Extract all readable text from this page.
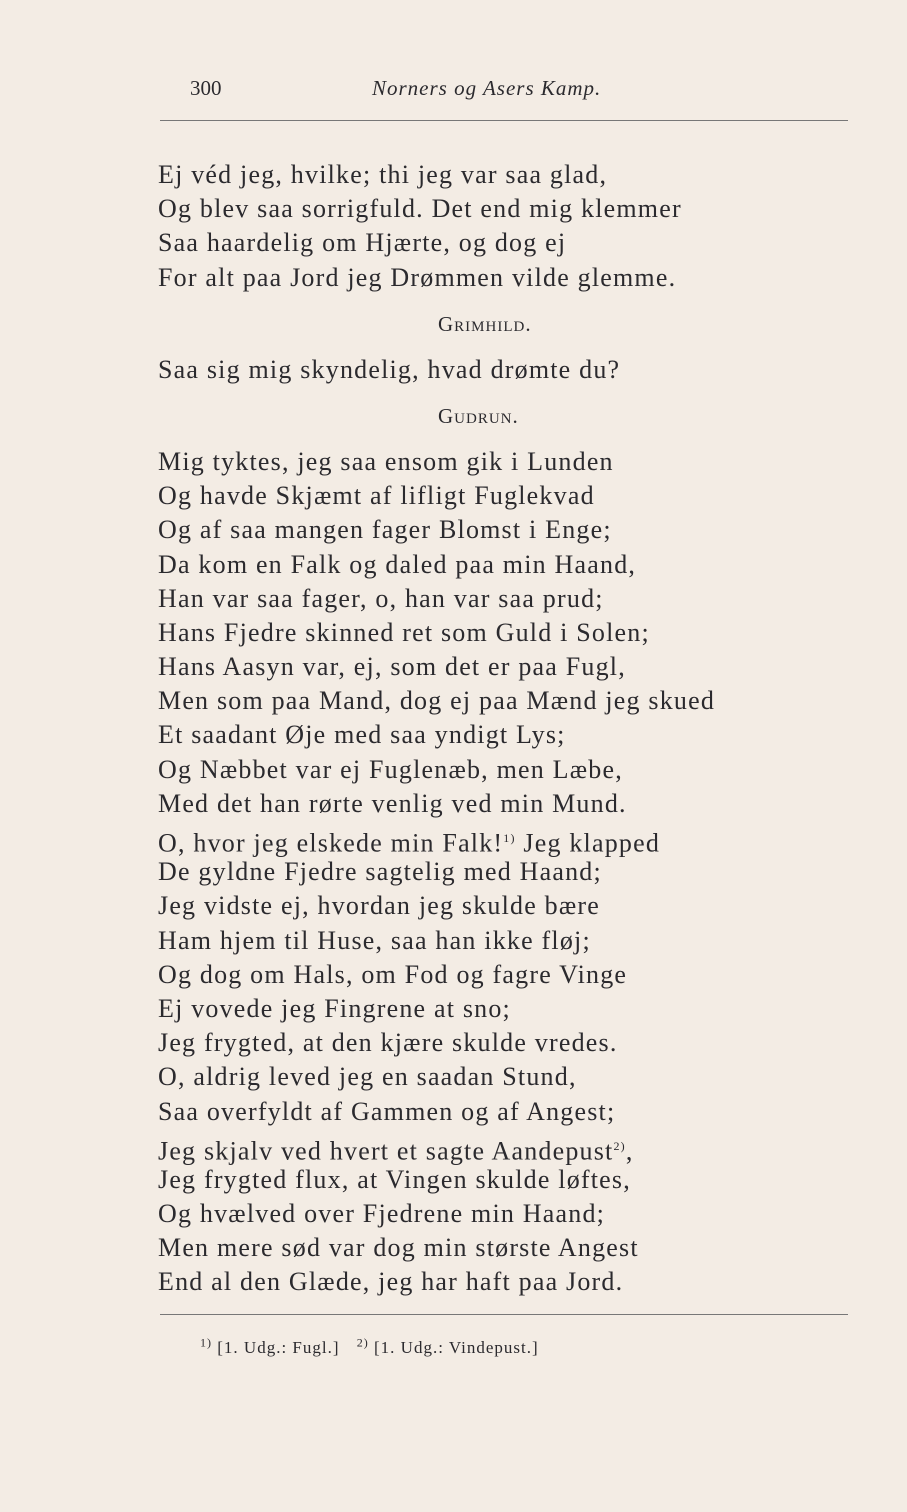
300	Norners og Asers Kamp.
Ej véd jeg, hvilke; thi jeg var saa glad,
Og blev saa sorrigfuld. Det end mig klemmer
Saa haardelig om Hjærte, og dog ej
For alt paa Jord jeg Drømmen vilde glemme.
Grimhild.
Saa sig mig skyndelig, hvad drømte du?
Gudrun.
Mig tyktes, jeg saa ensom gik i Lunden
Og havde Skjæmt af lifligt Fuglekvad
Og af saa mangen fager Blomst i Enge;
Da kom en Falk og daled paa min Haand,
Han var saa fager, o, han var saa prud;
Hans Fjedre skinned ret som Guld i Solen;
Hans Aasyn var, ej, som det er paa Fugl,
Men som paa Mand, dog ej paa Mænd jeg skued
Et saadant Øje med saa yndigt Lys;
Og Næbbet var ej Fuglenæb, men Læbe,
Med det han rørte venlig ved min Mund.
O, hvor jeg elskede min Falk!$^{1)}$ Jeg klapped
De gyldne Fjedre sagtelig med Haand;
Jeg vidste ej, hvordan jeg skulde bære
Ham hjem til Huse, saa han ikke fløj;
Og dog om Hals, om Fod og fagre Vinge
Ej vovede jeg Fingrene at sno;
Jeg frygted, at den kjære skulde vredes.
O, aldrig leved jeg en saadan Stund,
Saa overfyldt af Gammen og af Angest;
Jeg skjalv ved hvert et sagte Aandepust$^{2)}$,
Jeg frygted flux, at Vingen skulde løftes,
Og hvælved over Fjedrene min Haand;
Men mere sød var dog min største Angest
End al den Glæde, jeg har haft paa Jord.
$^{1)}$ [1. Udg.: Fugl.] $^{2)}$ [1. Udg.: Vindepust.]
